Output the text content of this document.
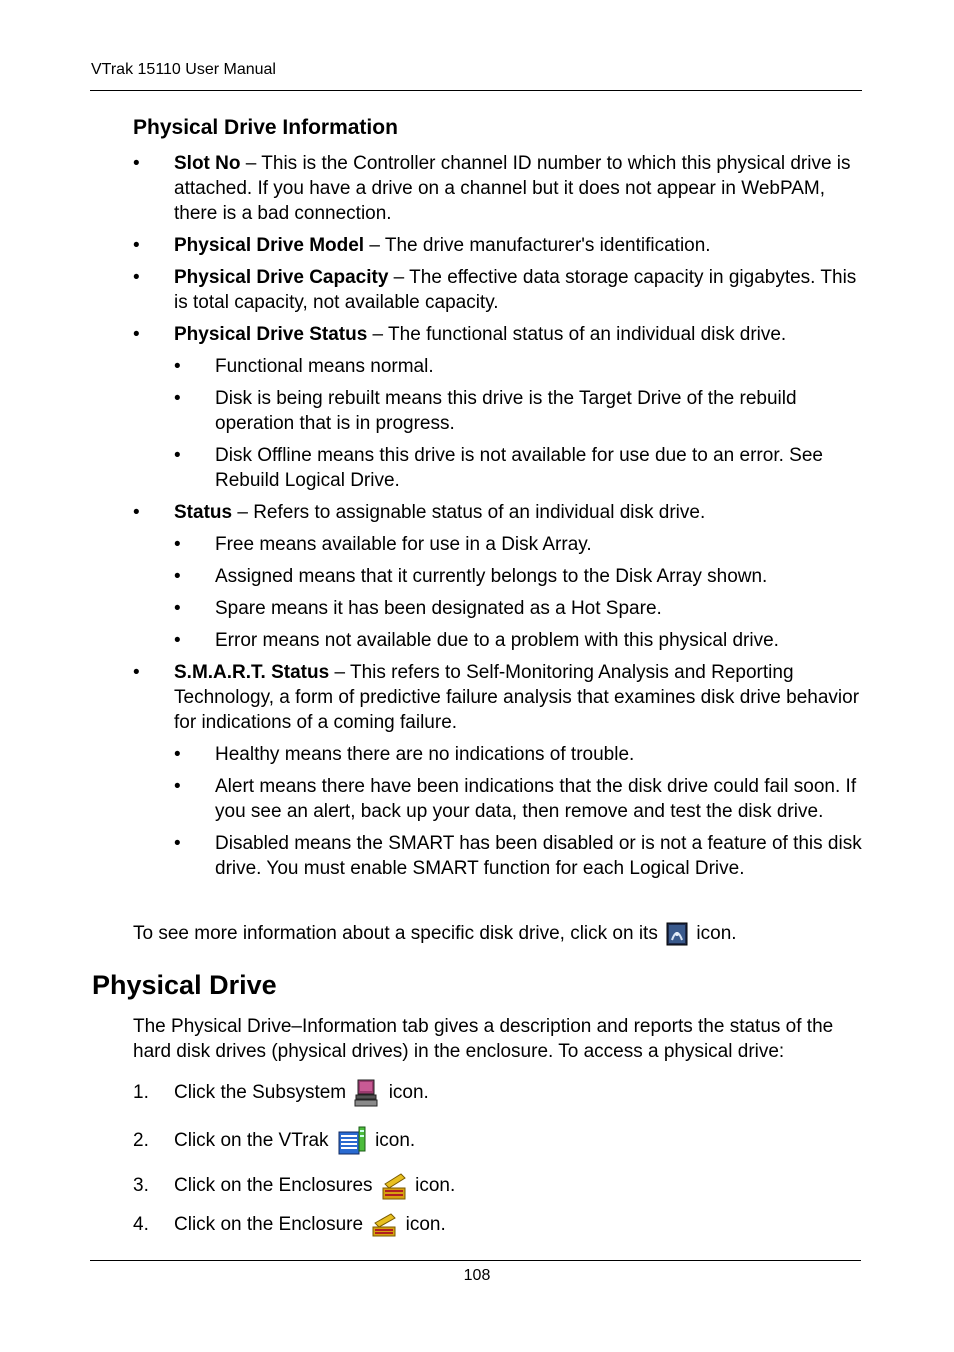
VTrak 15110 User Manual
Physical Drive Information
• Slot No – This is the Controller channel ID number to which this physical drive is attached. If you have a drive on a channel but it does not appear in WebPAM, there is a bad connection.
• Physical Drive Model – The drive manufacturer's identification.
• Physical Drive Capacity – The effective data storage capacity in gigabytes. This is total capacity, not available capacity.
• Physical Drive Status – The functional status of an individual disk drive.
• Functional means normal.
• Disk is being rebuilt means this drive is the Target Drive of the rebuild operation that is in progress.
• Disk Offline means this drive is not available for use due to an error. See Rebuild Logical Drive.
• Status – Refers to assignable status of an individual disk drive.
• Free means available for use in a Disk Array.
• Assigned means that it currently belongs to the Disk Array shown.
• Spare means it has been designated as a Hot Spare.
• Error means not available due to a problem with this physical drive.
• S.M.A.R.T. Status – This refers to Self-Monitoring Analysis and Reporting Technology, a form of predictive failure analysis that examines disk drive behavior for indications of a coming failure.
• Healthy means there are no indications of trouble.
• Alert means there have been indications that the disk drive could fail soon. If you see an alert, back up your data, then remove and test the disk drive.
• Disabled means the SMART has been disabled or is not a feature of this disk drive. You must enable SMART function for each Logical Drive.
To see more information about a specific disk drive, click on its icon.
Physical Drive
The Physical Drive–Information tab gives a description and reports the status of the hard disk drives (physical drives) in the enclosure. To access a physical drive:
1. Click the Subsystem icon.
2. Click on the VTrak icon.
3. Click on the Enclosures icon.
4. Click on the Enclosure icon.
108
